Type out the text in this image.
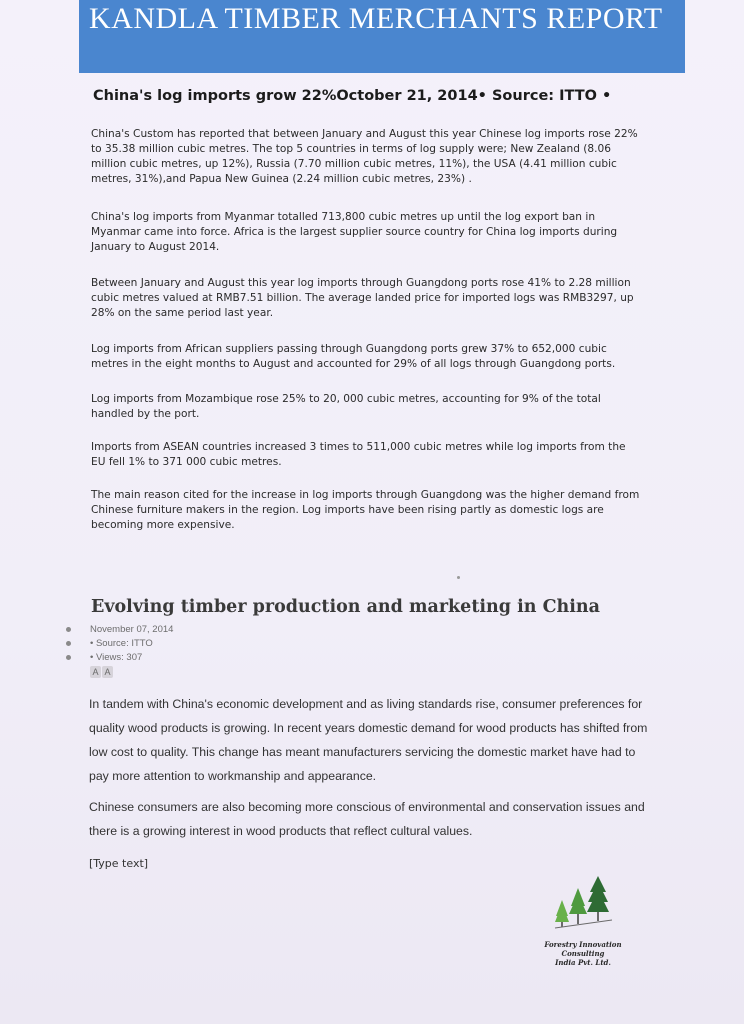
KANDLA TIMBER MERCHANTS REPORT
China's log imports grow 22%October 21, 2014• Source: ITTO •
China's Custom has reported that between January and August this year Chinese log imports rose 22% to 35.38 million cubic metres. The top 5 countries in terms of log supply were; New Zealand (8.06 million cubic metres, up 12%), Russia (7.70 million cubic metres, 11%), the USA (4.41 million cubic metres, 31%),and Papua New Guinea (2.24 million cubic metres, 23%) .
China's log imports from Myanmar totalled 713,800 cubic metres up until the log export ban in Myanmar came into force. Africa is the largest supplier source country for China log imports during January to August 2014.
Between January and August this year log imports through Guangdong ports rose 41% to 2.28 million cubic metres valued at RMB7.51 billion. The average landed price for imported logs was RMB3297, up 28% on the same period last year.
Log imports from African suppliers passing through Guangdong ports grew 37% to 652,000 cubic metres in the eight months to August and accounted for 29% of all logs through Guangdong ports.
Log imports from Mozambique rose 25% to 20, 000 cubic metres, accounting for 9% of the total handled by the port.
Imports from ASEAN countries increased 3 times to 511,000 cubic metres while log imports from the EU fell 1% to 371 000 cubic metres.
The main reason cited for the increase in log imports through Guangdong was the higher demand from Chinese furniture makers in the region. Log imports have been rising partly as domestic logs are becoming more expensive.
Evolving timber production and marketing in China
November 07, 2014
• Source: ITTO
• Views: 307
A A
In tandem with China's economic development and as living standards rise, consumer preferences for quality wood products is growing. In recent years domestic demand for wood products has shifted from low cost to quality. This change has meant manufacturers servicing the domestic market have had to pay more attention to workmanship and appearance.
Chinese consumers are also becoming more conscious of environmental and conservation issues and there is a growing interest in wood products that reflect cultural values.
[Type text]
Forestry Innovation Consulting
India Pvt. Ltd.
